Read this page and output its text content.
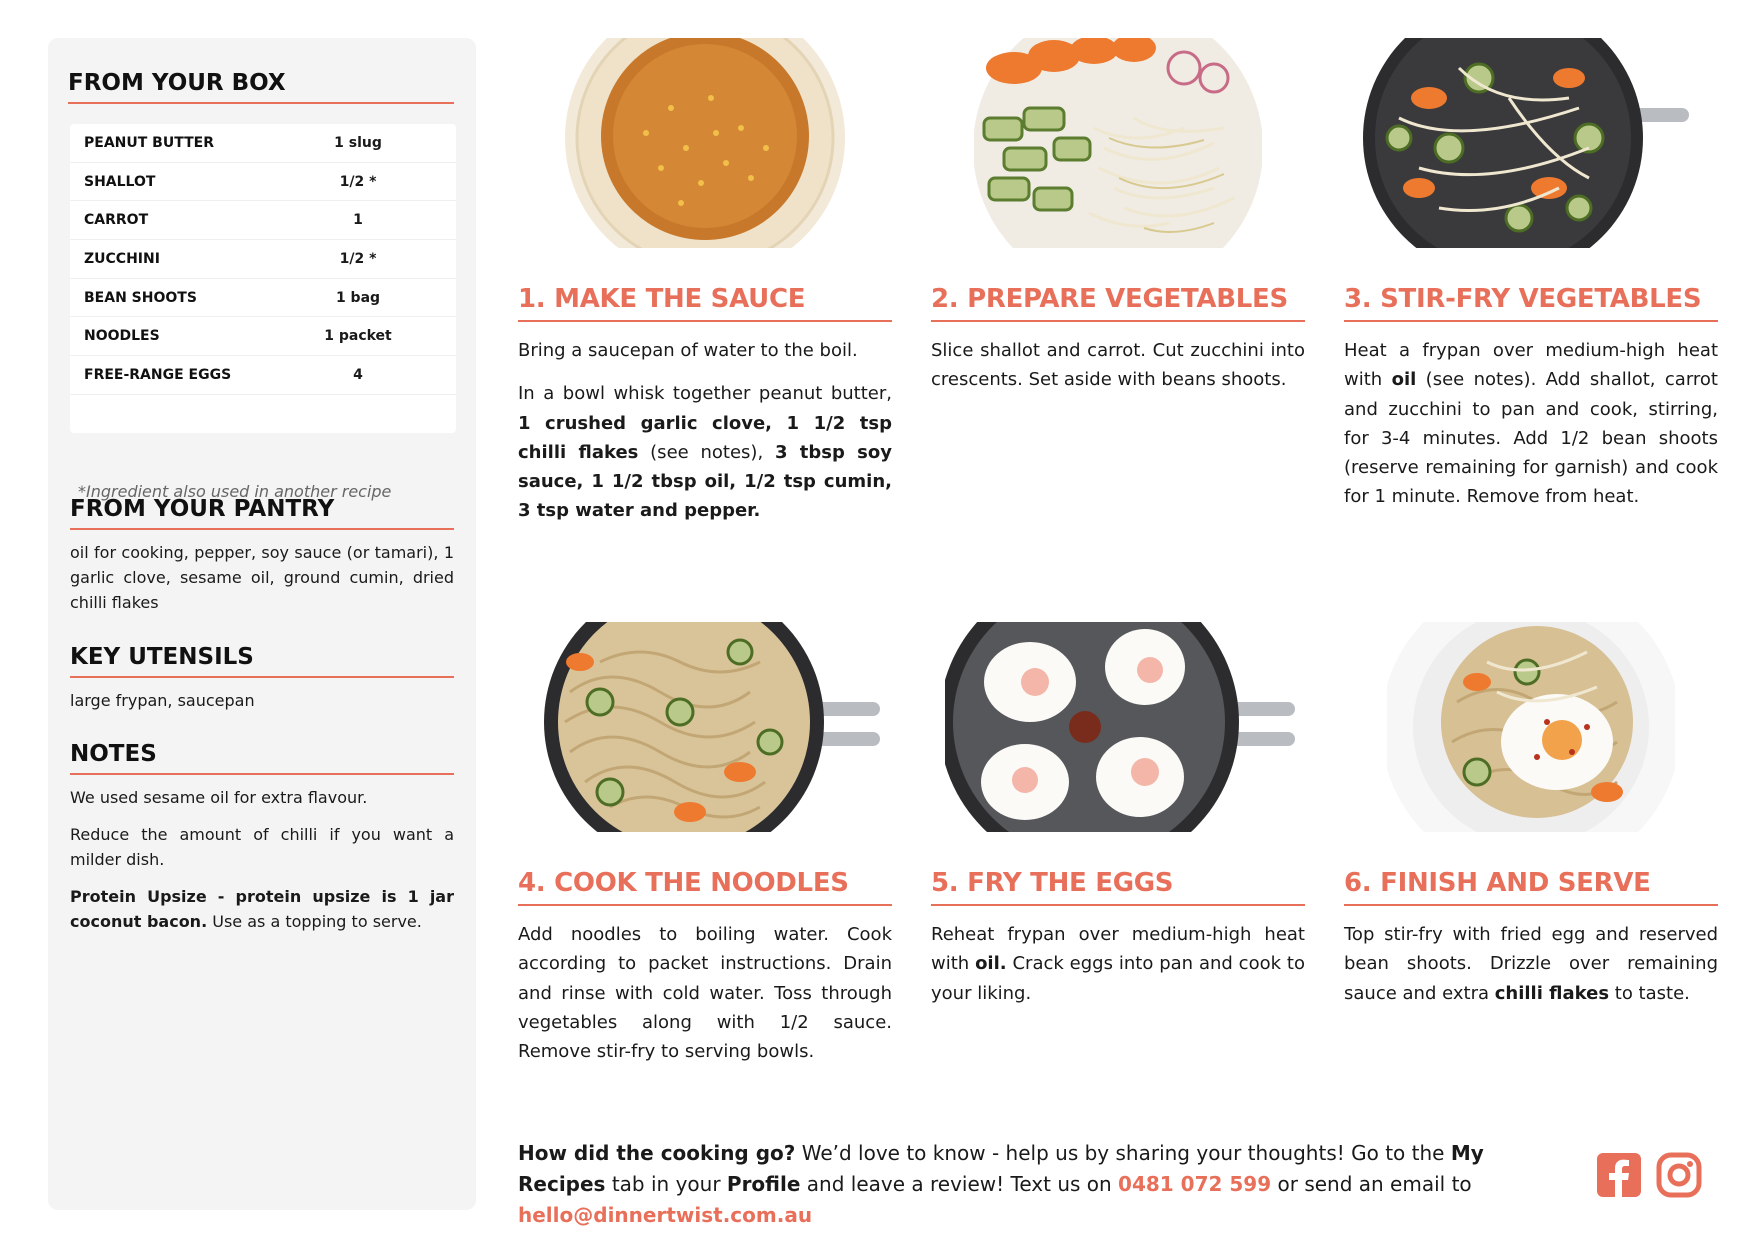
FROM YOUR BOX
PEANUT BUTTER	1 slug
SHALLOT	1/2 *
CARROT	1
ZUCCHINI	1/2 *
BEAN SHOOTS	1 bag
NOODLES	1 packet
FREE-RANGE EGGS	4
*Ingredient also used in another recipe
FROM YOUR PANTRY

oil for cooking, pepper, soy sauce (or tamari), 1 garlic clove, sesame oil, ground cumin, dried chilli flakes

KEY UTENSILS

large frypan, saucepan

NOTES

We used sesame oil for extra flavour.

Reduce the amount of chilli if you want a milder dish.

Protein Upsize - protein upsize is 1 jar coconut bacon. Use as a topping to serve.

1. MAKE THE SAUCE

Bring a saucepan of water to the boil.

In a bowl whisk together peanut butter, 1 crushed garlic clove, 1 1/2 tsp chilli flakes (see notes), 3 tbsp soy sauce, 1 1/2 tbsp oil, 1/2 tsp cumin, 3 tsp water and pepper.

2. PREPARE VEGETABLES

Slice shallot and carrot. Cut zucchini into crescents. Set aside with beans shoots.

3. STIR-FRY VEGETABLES

Heat a frypan over medium-high heat with oil (see notes). Add shallot, carrot and zucchini to pan and cook, stirring, for 3-4 minutes. Add 1/2 bean shoots (reserve remaining for garnish) and cook for 1 minute. Remove from heat.

4. COOK THE NOODLES

Add noodles to boiling water. Cook according to packet instructions. Drain and rinse with cold water. Toss through vegetables along with 1/2 sauce. Remove stir-fry to serving bowls.

5. FRY THE EGGS

Reheat frypan over medium-high heat with oil. Crack eggs into pan and cook to your liking.

6. FINISH AND SERVE

Top stir-fry with fried egg and reserved bean shoots. Drizzle over remaining sauce and extra chilli flakes to taste.

How did the cooking go? We’d love to know - help us by sharing your thoughts! Go to the My Recipes tab in your Profile and leave a review! Text us on 0481 072 599 or send an email to hello@dinnertwist.com.au
